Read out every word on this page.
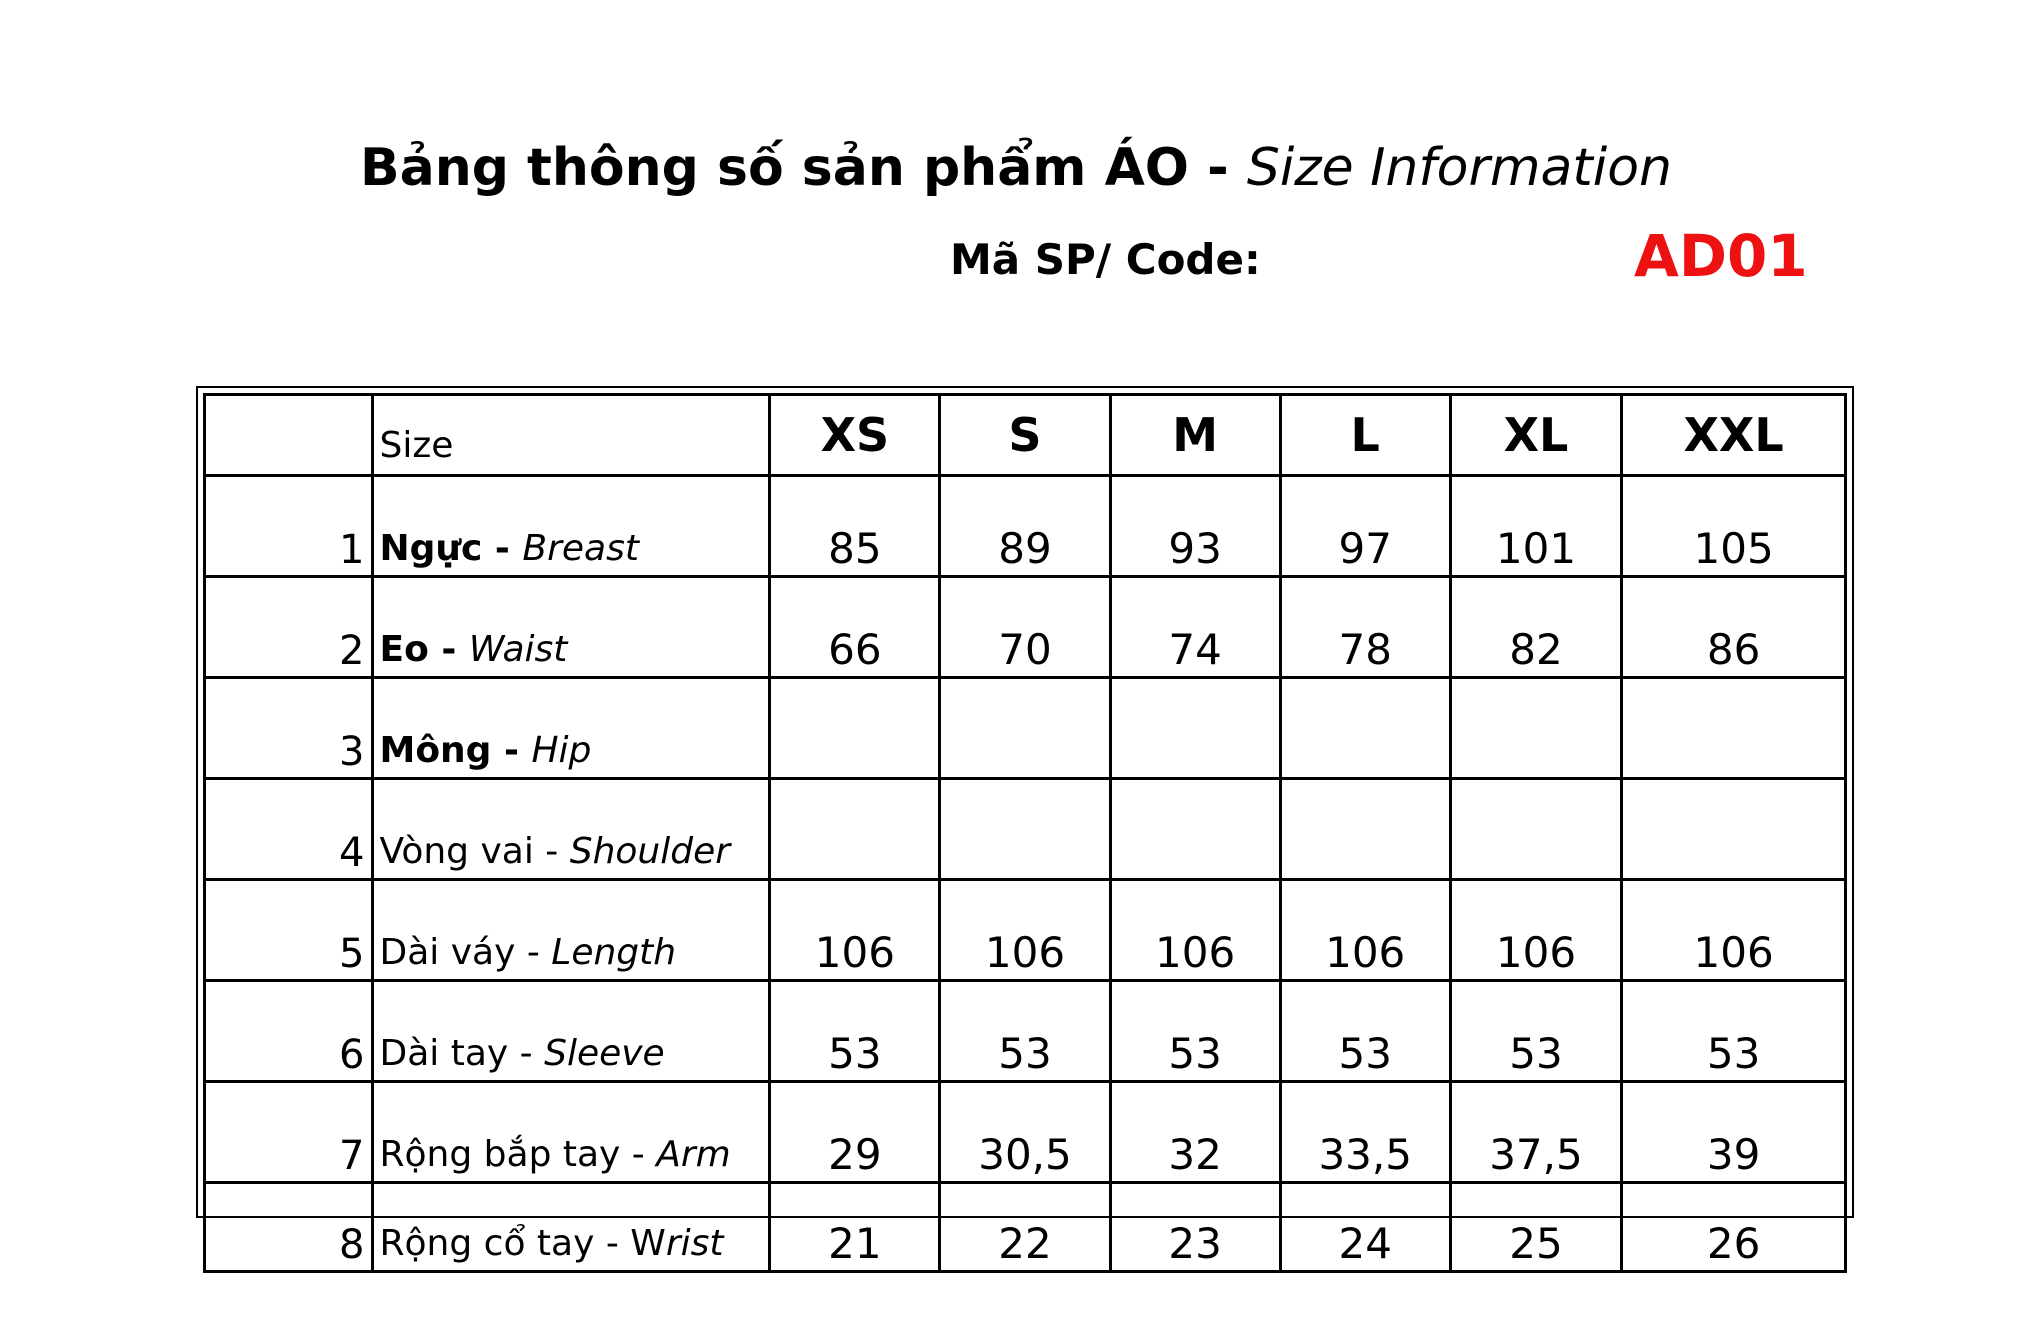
Bảng thông số sản phẩm ÁO - Size Information
Mã SP/ Code:	AD01
	Size	XS	S	M	L	XL	XXL
1	Ngực - Breast	85	89	93	97	101	105
2	Eo - Waist	66	70	74	78	82	86
3	Mông - Hip						
4	Vòng vai - Shoulder						
5	Dài váy - Length	106	106	106	106	106	106
6	Dài tay - Sleeve	53	53	53	53	53	53
7	Rộng bắp tay - Arm	29	30,5	32	33,5	37,5	39
8	Rộng cổ tay - Wrist	21	22	23	24	25	26
